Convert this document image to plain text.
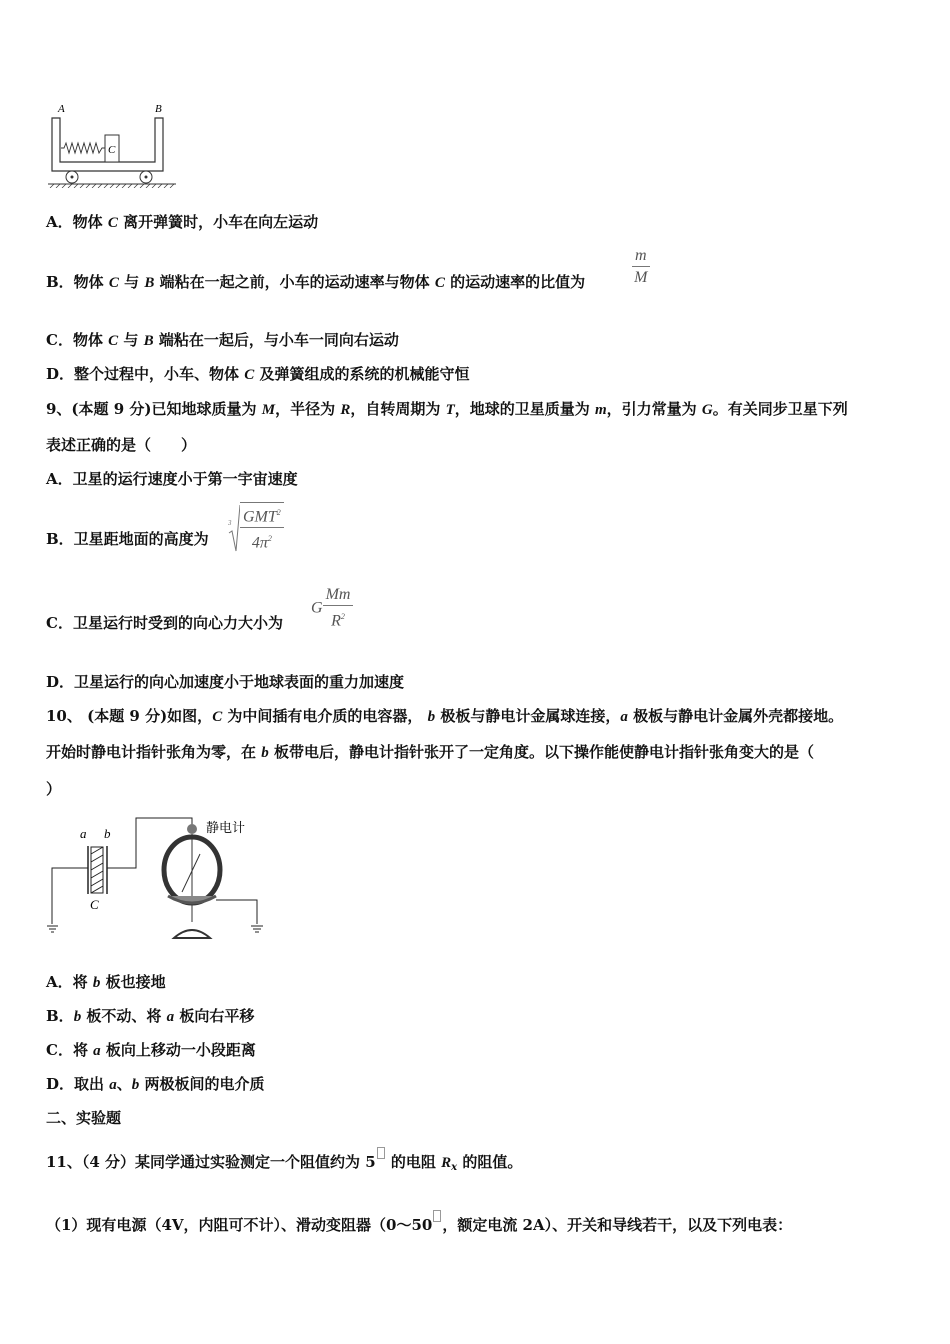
A	B
C
A．物体 C 离开弹簧时，小车在向左运动
B．物体 C 与 B 端粘在一起之前，小车的运动速率与物体 C 的运动速率的比值为
C．物体 C 与 B 端粘在一起后，与小车一同向右运动
D．整个过程中，小车、物体 C 及弹簧组成的系统的机械能守恒
9、(本题 9 分)已知地球质量为 M，半径为 R，自转周期为 T，地球的卫星质量为 m，引力常量为 G。有关同步卫星下列
表述正确的是（　　）
A．卫星的运行速度小于第一宇宙速度
B．卫星距地面的高度为
C．卫星运行时受到的向心力大小为
D．卫星运行的向心加速度小于地球表面的重力加速度
10、 (本题 9 分)如图，C 为中间插有电介质的电容器， b 极板与静电计金属球连接，a 极板与静电计金属外壳都接地。
开始时静电计指针张角为零，在 b 板带电后，静电计指针张开了一定角度。以下操作能使静电计指针张角变大的是（
）
A．将 b 板也接地
B．b 板不动、将 a 板向右平移
C．将 a 板向上移动一小段距离
D．取出 a、b 两极板间的电介质
二、实验题
11、（4 分）某同学通过实验测定一个阻值约为 5 的电阻 $R_x$ 的阻值。
（1）现有电源（4V，内阻可不计）、滑动变阻器（0～50 ，额定电流 2A）、开关和导线若干，以及下列电表：
$\frac{m}{M}$
$3 \frac{GMT^2}{4\pi^2}$
G $\frac{Mm}{R^2}$
a b
C
静电计
